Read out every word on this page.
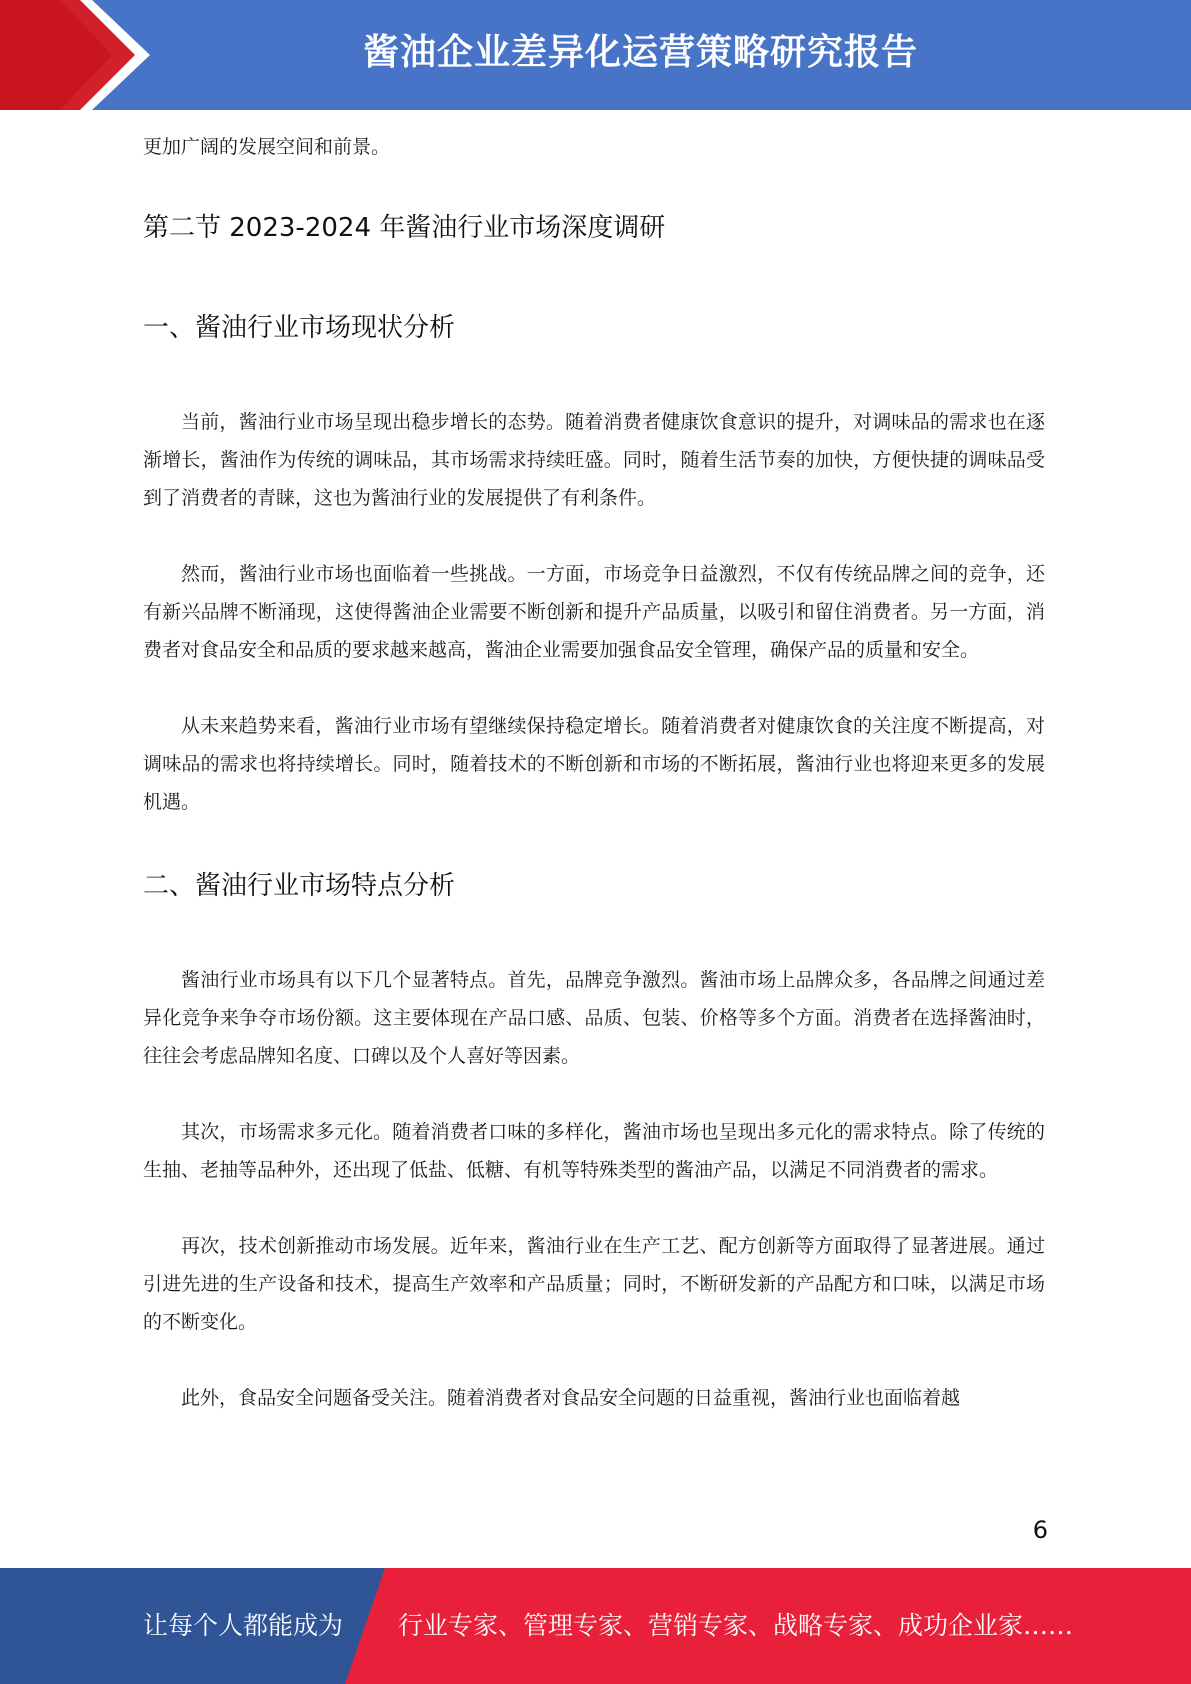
酱油企业差异化运营策略研究报告

更加广阔的发展空间和前景。

第二节 2023-2024 年酱油行业市场深度调研
一、酱油行业市场现状分析

当前，酱油行业市场呈现出稳步增长的态势。随着消费者健康饮食意识的提升，对调味品的需求也在逐渐增长，酱油作为传统的调味品，其市场需求持续旺盛。同时，随着生活节奏的加快，方便快捷的调味品受到了消费者的青睐，这也为酱油行业的发展提供了有利条件。

然而，酱油行业市场也面临着一些挑战。一方面，市场竞争日益激烈，不仅有传统品牌之间的竞争，还有新兴品牌不断涌现，这使得酱油企业需要不断创新和提升产品质量，以吸引和留住消费者。另一方面，消费者对食品安全和品质的要求越来越高，酱油企业需要加强食品安全管理，确保产品的质量和安全。

从未来趋势来看，酱油行业市场有望继续保持稳定增长。随着消费者对健康饮食的关注度不断提高，对调味品的需求也将持续增长。同时，随着技术的不断创新和市场的不断拓展，酱油行业也将迎来更多的发展机遇。

二、酱油行业市场特点分析

酱油行业市场具有以下几个显著特点。首先，品牌竞争激烈。酱油市场上品牌众多，各品牌之间通过差异化竞争来争夺市场份额。这主要体现在产品口感、品质、包装、价格等多个方面。消费者在选择酱油时，往往会考虑品牌知名度、口碑以及个人喜好等因素。

其次，市场需求多元化。随着消费者口味的多样化，酱油市场也呈现出多元化的需求特点。除了传统的生抽、老抽等品种外，还出现了低盐、低糖、有机等特殊类型的酱油产品，以满足不同消费者的需求。

再次，技术创新推动市场发展。近年来，酱油行业在生产工艺、配方创新等方面取得了显著进展。通过引进先进的生产设备和技术，提高生产效率和产品质量；同时，不断研发新的产品配方和口味，以满足市场的不断变化。

此外，食品安全问题备受关注。随着消费者对食品安全问题的日益重视，酱油行业也面临着越

6
让每个人都能成为 行业专家、管理专家、营销专家、战略专家、成功企业家……
